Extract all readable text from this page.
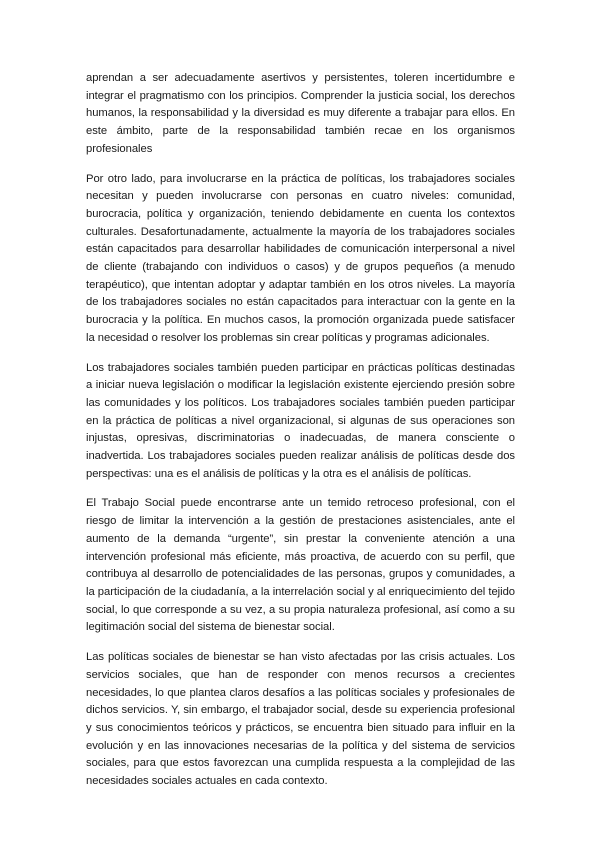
aprendan a ser adecuadamente asertivos y persistentes, toleren incertidumbre e integrar el pragmatismo con los principios. Comprender la justicia social, los derechos humanos, la responsabilidad y la diversidad es muy diferente a trabajar para ellos. En este ámbito, parte de la responsabilidad también recae en los organismos profesionales

Por otro lado, para involucrarse en la práctica de políticas, los trabajadores sociales necesitan y pueden involucrarse con personas en cuatro niveles: comunidad, burocracia, política y organización, teniendo debidamente en cuenta los contextos culturales. Desafortunadamente, actualmente la mayoría de los trabajadores sociales están capacitados para desarrollar habilidades de comunicación interpersonal a nivel de cliente (trabajando con individuos o casos) y de grupos pequeños (a menudo terapéutico), que intentan adoptar y adaptar también en los otros niveles. La mayoría de los trabajadores sociales no están capacitados para interactuar con la gente en la burocracia y la política. En muchos casos, la promoción organizada puede satisfacer la necesidad o resolver los problemas sin crear políticas y programas adicionales.

Los trabajadores sociales también pueden participar en prácticas políticas destinadas a iniciar nueva legislación o modificar la legislación existente ejerciendo presión sobre las comunidades y los políticos. Los trabajadores sociales también pueden participar en la práctica de políticas a nivel organizacional, si algunas de sus operaciones son injustas, opresivas, discriminatorias o inadecuadas, de manera consciente o inadvertida. Los trabajadores sociales pueden realizar análisis de políticas desde dos perspectivas: una es el análisis de políticas y la otra es el análisis de políticas.

El Trabajo Social puede encontrarse ante un temido retroceso profesional, con el riesgo de limitar la intervención a la gestión de prestaciones asistenciales, ante el aumento de la demanda “urgente”, sin prestar la conveniente atención a una intervención profesional más eficiente, más proactiva, de acuerdo con su perfil, que contribuya al desarrollo de potencialidades de las personas, grupos y comunidades, a la participación de la ciudadanía, a la interrelación social y al enriquecimiento del tejido social, lo que corresponde a su vez, a su propia naturaleza profesional, así como a su legitimación social del sistema de bienestar social.

Las políticas sociales de bienestar se han visto afectadas por las crisis actuales. Los servicios sociales, que han de responder con menos recursos a crecientes necesidades, lo que plantea claros desafíos a las políticas sociales y profesionales de dichos servicios. Y, sin embargo, el trabajador social, desde su experiencia profesional y sus conocimientos teóricos y prácticos, se encuentra bien situado para influir en la evolución y en las innovaciones necesarias de la política y del sistema de servicios sociales, para que estos favorezcan una cumplida respuesta a la complejidad de las necesidades sociales actuales en cada contexto.
